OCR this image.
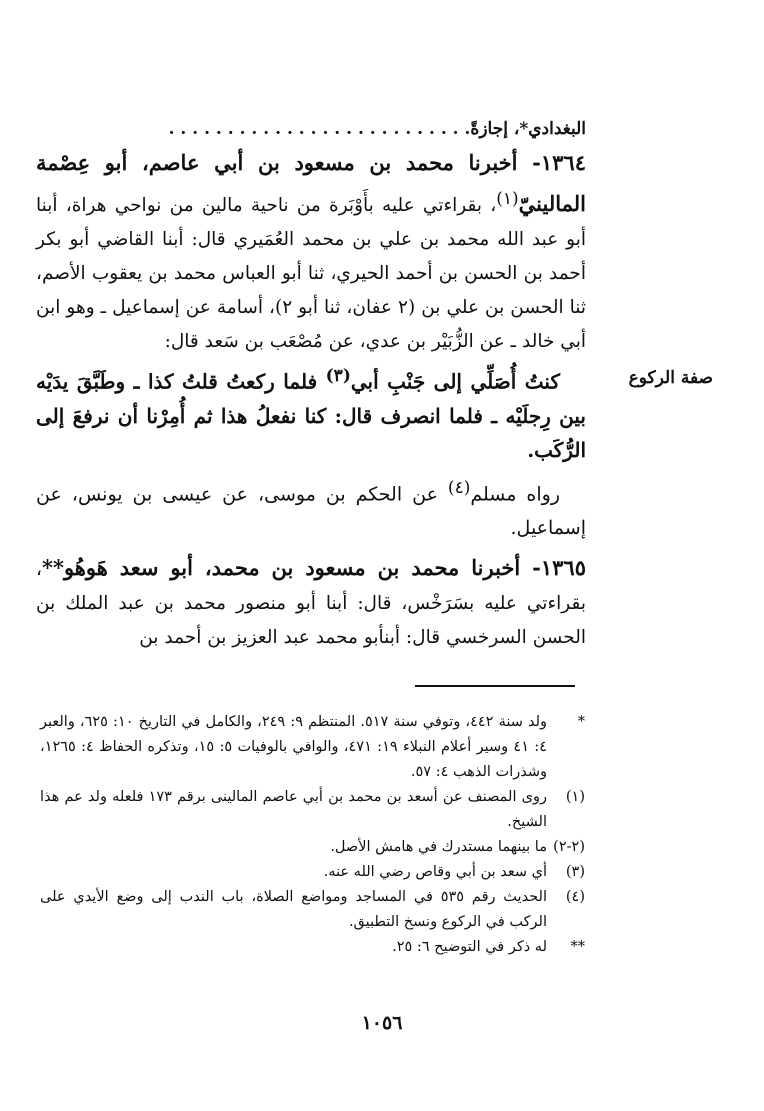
البغدادي*، إجازةً. . . . . . . . . . . . . . . . . . . . . . . . . .

١٣٦٤- أخبرنا محمد بن مسعود بن أبي عاصم، أبو عِصْمة المالينيّ$^{(١)}$، بقراءتي عليه بأَوْبَرة من ناحية مالين من نواحي هراة، أبنا أبو عبد الله محمد بن علي بن محمد العُمَيري قال: أبنا القاضي أبو بكر أحمد بن الحسن بن أحمد الحيري، ثنا أبو العباس محمد بن يعقوب الأصم، ثنا الحسن بن علي بن (٢ عفان، ثنا أبو ٢)، أسامة عن إسماعيل ـ وهو ابن أبي خالد ـ عن الزُّبَيْر بن عدي، عن مُصْعَب بن سَعد قال:

كنتُ أُصَلِّي إلى جَنْبِ أبي$^{(٣)}$ فلما ركعتُ قلتُ كذا ـ وطَبَّقَ يدَيْه بين رِجلَيْه ـ فلما انصرف قال: كنا نفعلُ هذا ثم أُمِرْنا أن نرفعَ إلى الرُّكَب.

رواه مسلم$^{(٤)}$ عن الحكم بن موسى، عن عيسى بن يونس، عن إسماعيل.

١٣٦٥- أخبرنا محمد بن مسعود بن محمد، أبو سعد هَوهُو**، بقراءتي عليه بسَرَخْس، قال: أبنا أبو منصور محمد بن عبد الملك بن الحسن السرخسي قال: أبنأبو محمد عبد العزيز بن أحمد بن

صفة الركوع
*
ولد سنة ٤٤٢، وتوفي سنة ٥١٧. المنتظم ٩: ٢٤٩، والكامل في التاريخ ١٠: ٦٢٥، والعبر ٤: ٤١ وسير أعلام النبلاء ١٩: ٤٧١، والوافي بالوفيات ٥: ١٥، وتذكره الحفاظ ٤: ١٢٦٥، وشذرات الذهب ٤: ٥٧.
(١)
روى المصنف عن أسعد بن محمد بن أبي عاصم المالينى برقم ١٧٣ فلعله ولد عم هذا الشيخ.
(٢-٢)
ما بينهما مستدرك في هامش الأصل.
(٣)
أي سعد بن أبي وقاص رضي الله عنه.
(٤)
الحديث رقم ٥٣٥ في المساجد ومواضع الصلاة، باب الندب إلى وضع الأيدي على الركب في الركوع ونسخ التطبيق.
**
له ذكر في التوضيح ٦: ٢٥.
١٠٥٦
